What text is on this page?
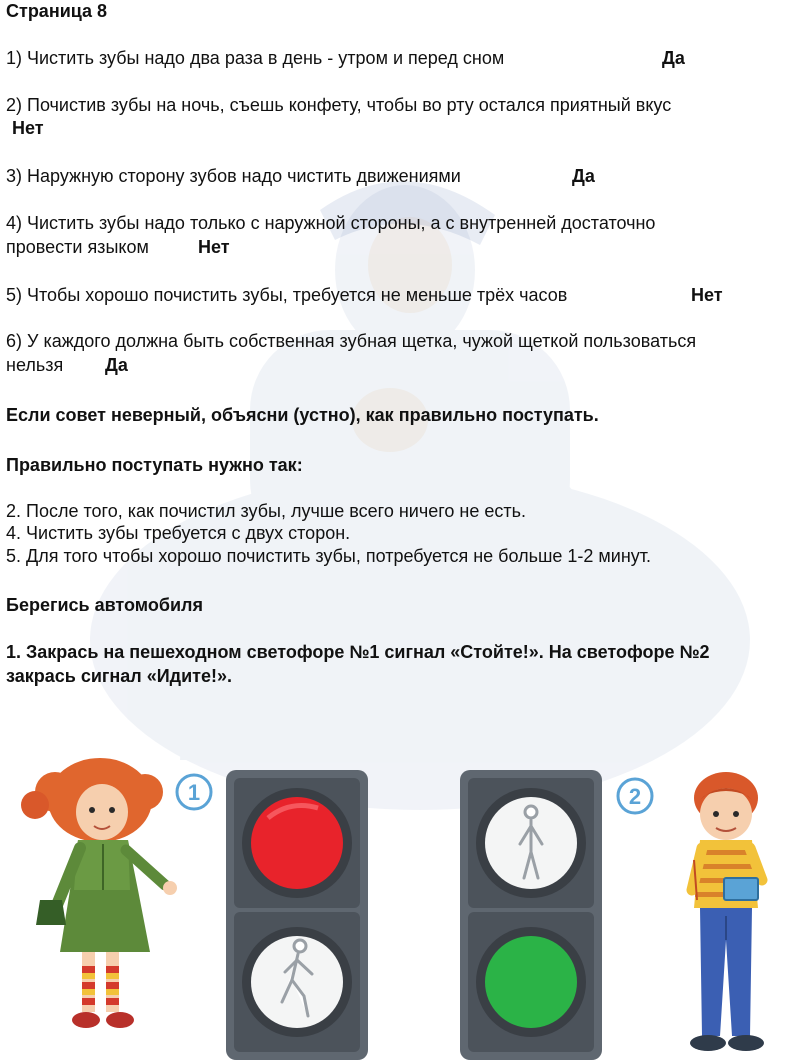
Страница 8
1) Чистить зубы надо два раза в день - утром и перед сном	Да
2) Почистив зубы на ночь, съешь конфету, чтобы во рту остался приятный вкус
Нет
3) Наружную сторону зубов надо чистить движениями	Да
4) Чистить зубы надо только с наружной стороны, а с внутренней достаточно
провести языком	Нет
5) Чтобы хорошо почистить зубы, требуется не меньше трёх часов	Нет
6) У каждого должна быть собственная зубная щетка, чужой щеткой пользоваться
нельзя Да
Если совет неверный, объясни (устно), как правильно поступать.
Правильно поступать нужно так:
2. После того, как почистил зубы, лучше всего ничего не есть.
4. Чистить зубы требуется с двух сторон.
5. Для того чтобы хорошо почистить зубы, потребуется не больше 1-2 минут.
Берегись автомобиля
1. Закрась на пешеходном светофоре №1 сигнал «Стойте!». На светофоре №2
закрась сигнал «Идите!».
1	2
